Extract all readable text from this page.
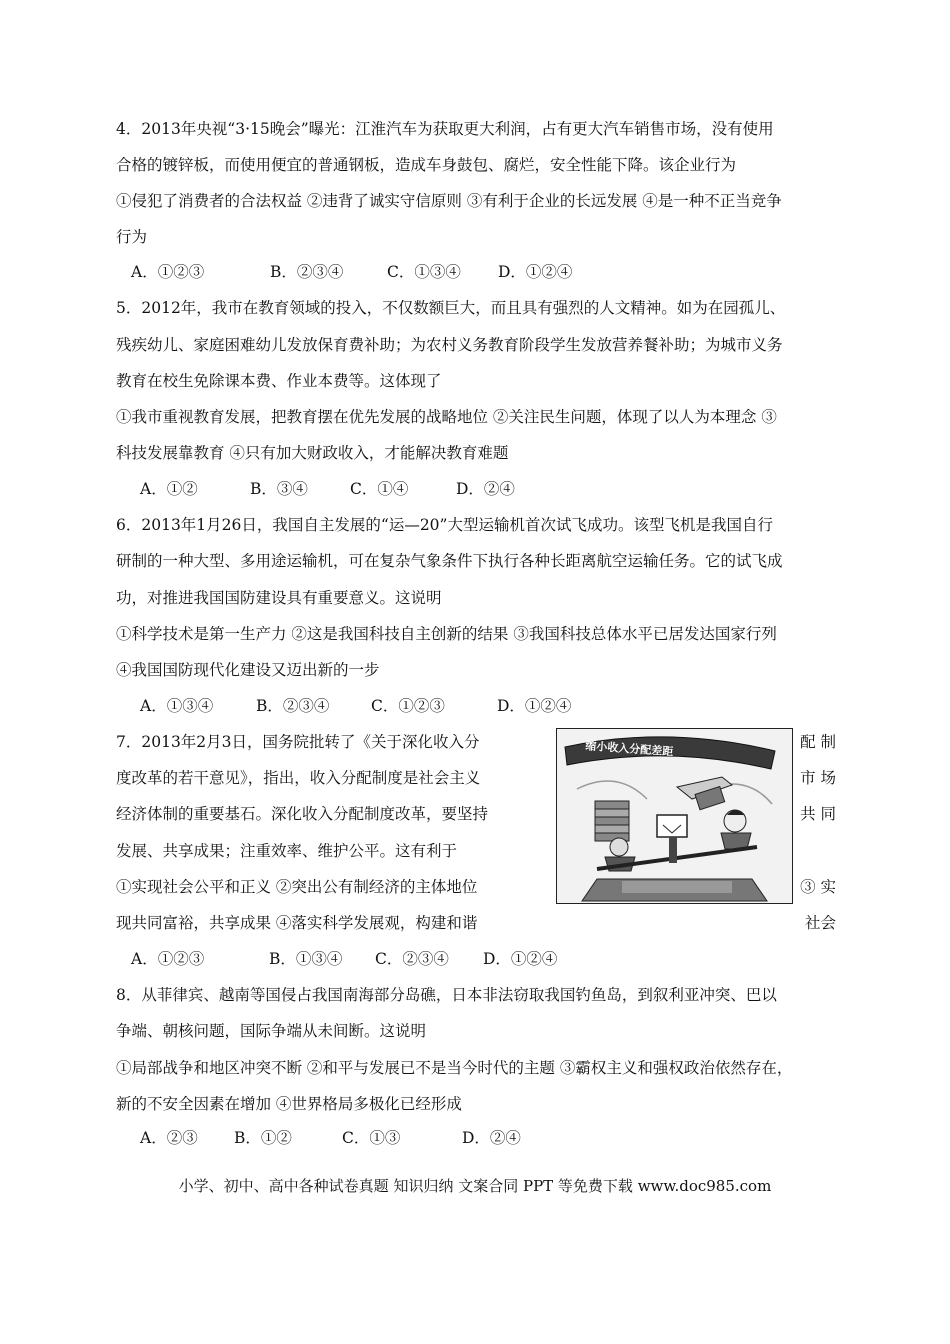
4．2013年央视“3·15晚会”曝光：江淮汽车为获取更大利润，占有更大汽车销售市场，没有使用
合格的镀锌板，而使用便宜的普通钢板，造成车身鼓包、腐烂，安全性能下降。该企业行为
①侵犯了消费者的合法权益 ②违背了诚实守信原则 ③有利于企业的长远发展 ④是一种不正当竞争
行为
A．①②③	B．②③④	C．①③④ D．①②④
5．2012年，我市在教育领域的投入，不仅数额巨大，而且具有强烈的人文精神。如为在园孤儿、
残疾幼儿、家庭困难幼儿发放保育费补助；为农村义务教育阶段学生发放营养餐补助；为城市义务
教育在校生免除课本费、作业本费等。这体现了
①我市重视教育发展，把教育摆在优先发展的战略地位 ②关注民生问题，体现了以人为本理念 ③
科技发展靠教育 ④只有加大财政收入，才能解决教育难题
A．①②	B．③④	C．①④	D．②④
6．2013年1月26日，我国自主发展的“运—20”大型运输机首次试飞成功。该型飞机是我国自行
研制的一种大型、多用途运输机，可在复杂气象条件下执行各种长距离航空运输任务。它的试飞成
功，对推进我国国防建设具有重要意义。这说明
①科学技术是第一生产力 ②这是我国科技自主创新的结果 ③我国科技总体水平已居发达国家行列
④我国国防现代化建设又迈出新的一步
A．①③④	B．②③④	C．①②③	D．①②④
7．2013年2月3日，国务院批转了《关于深化收入分	配 制
度改革的若干意见》，指出，收入分配制度是社会主义	市 场
经济体制的重要基石。深化收入分配制度改革，要坚持	共 同
发展、共享成果；注重效率、维护公平。这有利于
①实现社会公平和正义 ②突出公有制经济的主体地位	③ 实
现共同富裕，共享成果 ④落实科学发展观，构建和谐	社会
A．①②③	B．①③④ C．②③④ D．①②④
缩小收入分配差距
8．从菲律宾、越南等国侵占我国南海部分岛礁，日本非法窃取我国钓鱼岛，到叙利亚冲突、巴以
争端、朝核问题，国际争端从未间断。这说明
①局部战争和地区冲突不断 ②和平与发展已不是当今时代的主题 ③霸权主义和强权政治依然存在，
新的不安全因素在增加 ④世界格局多极化已经形成
A．②③ B．①②	C．①③	D．②④
小学、初中、高中各种试卷真题 知识归纳 文案合同 PPT 等免费下载 www.doc985.com
